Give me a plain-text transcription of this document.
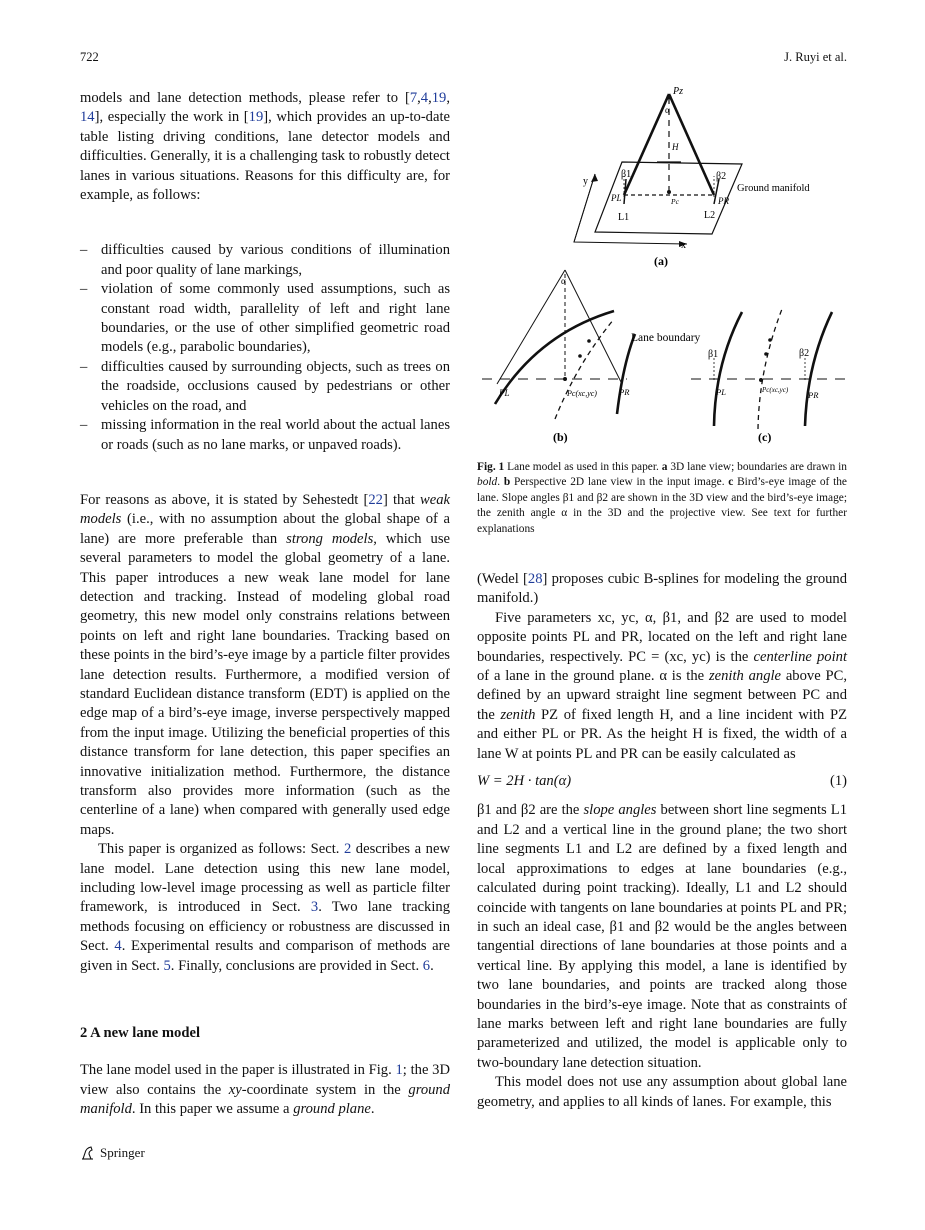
722	J. Ruyi et al.

models and lane detection methods, please refer to [7,4,19, 14], especially the work in [19], which provides an up-to-date table listing driving conditions, lane detector models and difficulties. Generally, it is a challenging task to robustly detect lanes in various situations. Reasons for this difficulty are, for example, as follows:

– difficulties caused by various conditions of illumination and poor quality of lane markings,
– violation of some commonly used assumptions, such as constant road width, parallelity of left and right lane boundaries, or the use of other simplified geometric road models (e.g., parabolic boundaries),
– difficulties caused by surrounding objects, such as trees on the roadside, occlusions caused by pedestrians or other vehicles on the road, and
– missing information in the real world about the actual lanes or roads (such as no lane marks, or unpaved roads).

For reasons as above, it is stated by Sehestedt [22] that weak models (i.e., with no assumption about the global shape of a lane) are more preferable than strong models, which use several parameters to model the global geometry of a lane. This paper introduces a new weak lane model for lane detection and tracking. Instead of modeling global road geometry, this new model only constrains relations between points on left and right lane boundaries. Tracking based on these points in the bird’s-eye image by a particle filter provides lane detection results. Furthermore, a modified version of standard Euclidean distance transform (EDT) is applied on the edge map of a bird’s-eye image, inverse perspectively mapped from the input image. Utilizing the beneficial properties of this distance transform for lane detection, this paper specifies an innovative initialization method. Furthermore, the distance transform also provides more information (such as the centerline of a lane) when compared with generally used edge maps.

This paper is organized as follows: Sect. 2 describes a new lane model. Lane detection using this new lane model, including low-level image processing as well as particle filter framework, is introduced in Sect. 3. Two lane tracking methods focusing on efficiency or robustness are discussed in Sect. 4. Experimental results and comparison of methods are given in Sect. 5. Finally, conclusions are provided in Sect. 6.

2 A new lane model

The lane model used in the paper is illustrated in Fig. 1; the 3D view also contains the xy-coordinate system in the ground manifold. In this paper we assume a ground plane.

Pz
α
H
β1	β2
PL	Pc	PR
L1	L2
y
x
Ground manifold
(a)
α
PL	Pc(xc,yc)	PR
(b)
Lane boundary
β1	β2
PL	Pc(xc,yc) PR
(c)
Fig. 1 Lane model as used in this paper. a 3D lane view; boundaries are drawn in bold. b Perspective 2D lane view in the input image. c Bird’s-eye image of the lane. Slope angles β1 and β2 are shown in the 3D view and the bird’s-eye image; the zenith angle α in the 3D and the projective view. See text for further explanations

(Wedel [28] proposes cubic B-splines for modeling the ground manifold.)

Five parameters xc, yc, α, β1, and β2 are used to model opposite points PL and PR, located on the left and right lane boundaries, respectively. PC = (xc, yc) is the centerline point of a lane in the ground plane. α is the zenith angle above PC, defined by an upward straight line segment between PC and the zenith PZ of fixed length H, and a line incident with PZ and either PL or PR. As the height H is fixed, the width of a lane W at points PL and PR can be easily calculated as

W = 2H · tan(α)	(1)

β1 and β2 are the slope angles between short line segments L1 and L2 and a vertical line in the ground plane; the two short line segments L1 and L2 are defined by a fixed length and local approximations to edges at lane boundaries (e.g., calculated during point tracking). Ideally, L1 and L2 should coincide with tangents on lane boundaries at points PL and PR; in such an ideal case, β1 and β2 would be the angles between tangential directions of lane boundaries at those points and a vertical line. By applying this model, a lane is identified by two lane boundaries, and points are tracked along those boundaries in the bird’s-eye image. Note that as constraints of lane marks between left and right lane boundaries are fully parameterized and utilized, the model is applicable only to two-boundary lane detection situation.

This model does not use any assumption about global lane geometry, and applies to all kinds of lanes. For example, this

Springer
